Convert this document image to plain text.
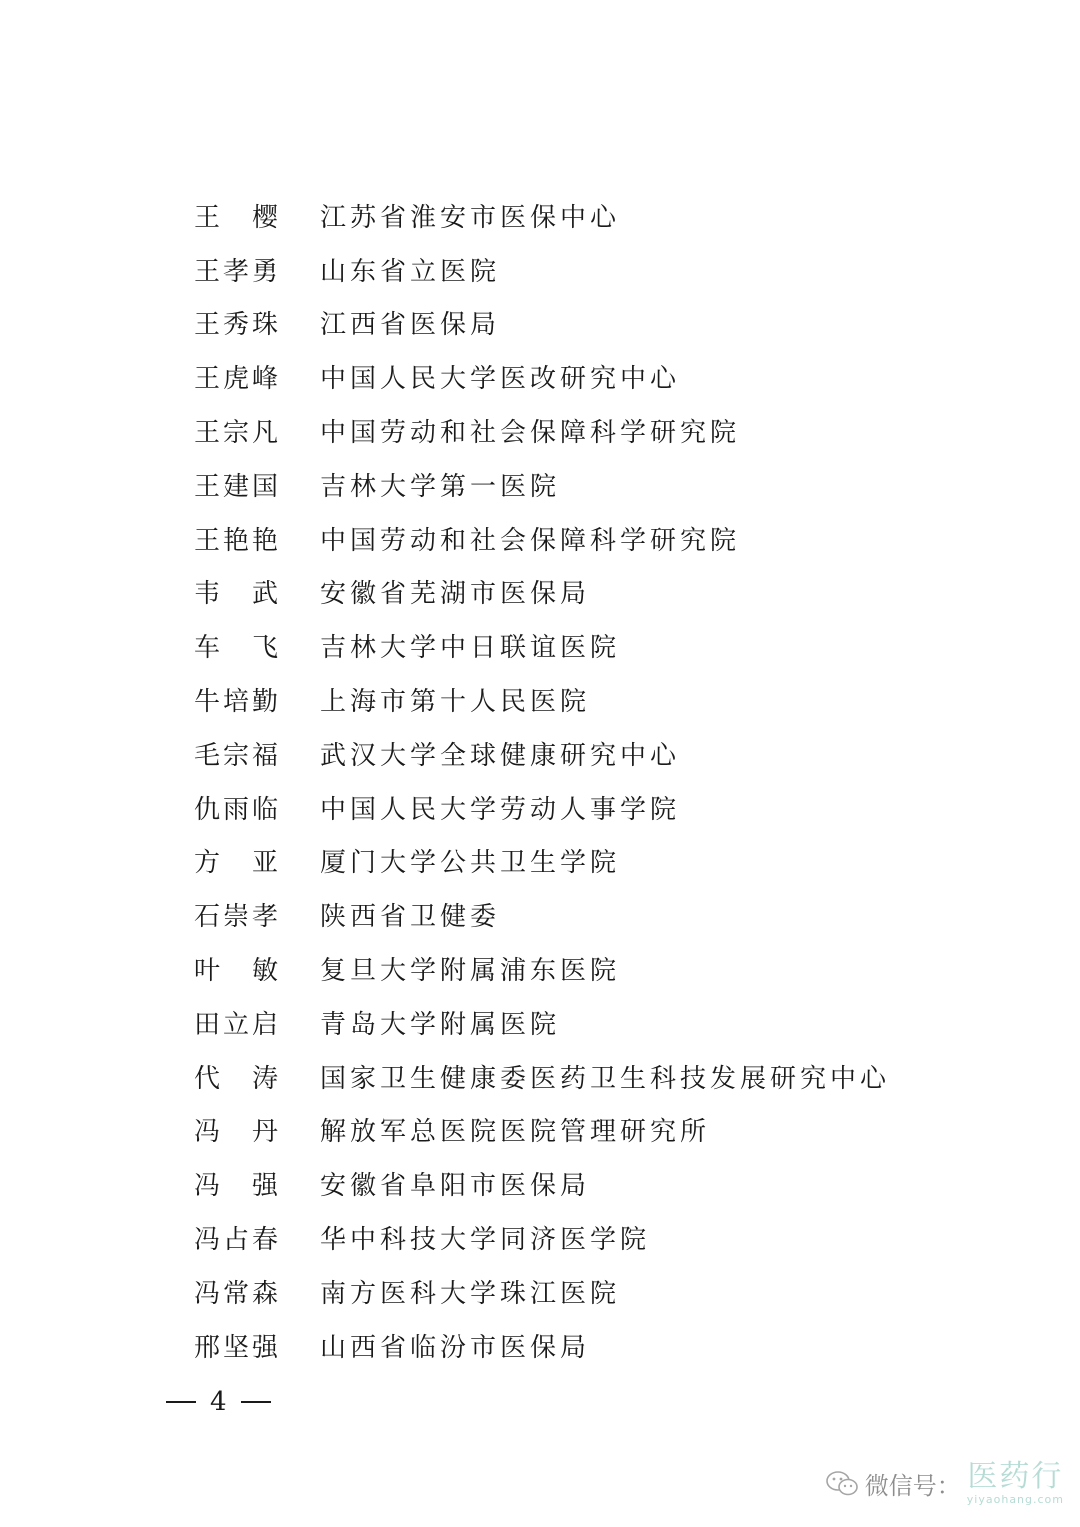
王　樱 江苏省淮安市医保中心
王孝勇 山东省立医院
王秀珠 江西省医保局
王虎峰 中国人民大学医改研究中心
王宗凡 中国劳动和社会保障科学研究院
王建国 吉林大学第一医院
王艳艳 中国劳动和社会保障科学研究院
韦　武 安徽省芜湖市医保局
车　飞 吉林大学中日联谊医院
牛培勤 上海市第十人民医院
毛宗福 武汉大学全球健康研究中心
仇雨临 中国人民大学劳动人事学院
方　亚 厦门大学公共卫生学院
石崇孝 陕西省卫健委
叶　敏 复旦大学附属浦东医院
田立启 青岛大学附属医院
代　涛 国家卫生健康委医药卫生科技发展研究中心
冯　丹 解放军总医院医院管理研究所
冯　强 安徽省阜阳市医保局
冯占春 华中科技大学同济医学院
冯常森 南方医科大学珠江医院
邢坚强 山西省临汾市医保局
4
微信号： 医药行
yiyaohang.com
